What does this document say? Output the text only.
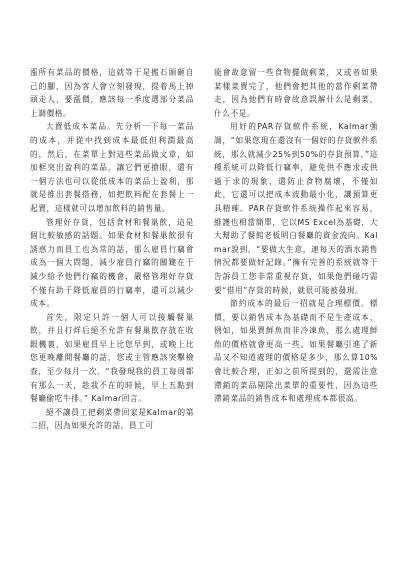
漲所有菜品的價格，這就等于是搬石頭砸自己的腳，因為客人會立刻發現，提着馬上掉頭走人，要漲價，應該每一季度選部分菜品上調價格。

大賣低成本菜品。先分析一下每一菜品的成本，并從中找到成本最低但利潤最高的，然后，在菜單上對這些菜品做文章，如加框突出盈利的菜品，讓它們更搶眼，還有一個方法也可以從低成本的菜品上盈利，那就是推出套餐搭務，如把飲料配在套餐上一起賣，這樣就可以增加飲料的銷售量。

管理好存貨，包括食材和餐巢飲，這是個比較敏感的話題。如果食材和餐巢飲很有誘惑力而員工也為常的話，那么雇員行竊會成為一個大問題，減少雇員行竊的關鍵在于減少給予他們行竊的機會，嚴格管理好存貨不僅有助于降低雇員的行竊率，還可以減少成本。

首先，限定只許一個人可以接觸餐巢飲，并且打烊后絕不允許有餐巢飲存放在收銀機裏，如果雇員早上比您早到，或晚上比您更晚離開餐廳的話，您或主管應該突擊檢查，至少每月一次。“我發現我的員工每周都有那么一天，趁我不在的時候，早上五點到餐廳偷吃牛排。” Kalmar回言。

絕不讓員工把剩菜帶回家是Kalmar的第二招，因為如果允許的話，員工可

能會故意留一些食物擺做剩菜，又或者如果某樣菜賣完了，他們會把其他的當作剩菜帶走，因為他們有時會故意誤解什么是剩菜，什么不是。

用好的PAR存貨軟件系統，Kalmar強調，“如果您現在還沒有一個好的存貨軟件系統，那么就減少25%到50%的存貨預算。”這種系統可以降低行竊率，避免供不應求或供過于求的現象，還防止食物腐壞，不僅如此，它還可以把成本波動最小化，讓預算更具精確。PAR存貨軟件系統操作起來容易，維護也相當簡單，它以MS Excel為基礎，大大幫助了餐館老板明白餐廳的資金流向。Kalmar說到，“要做大生意，連每天的酒水銷售情況都要做好記錄。”擁有完善的系統就等于告訴員工您非常重視存貨，如果他們碰巧需要“借用”存貨的時候，就很可能被發現。

節約成本的最后一招就是合理標價。標價，要以銷售成本為基礎而不是生產成本，例如，如果賣鮮魚而非冷凍魚，那么處理鮮魚的價格就會更高一些。如果餐廳引進了新品又不知道處理的價格是多少，那么算10%會比較合理，正如之前所提到的，還需注意滯銷的菜品剔除出菜單的重要性，因為這些滯銷菜品的銷售成本和處理成本都很高。
